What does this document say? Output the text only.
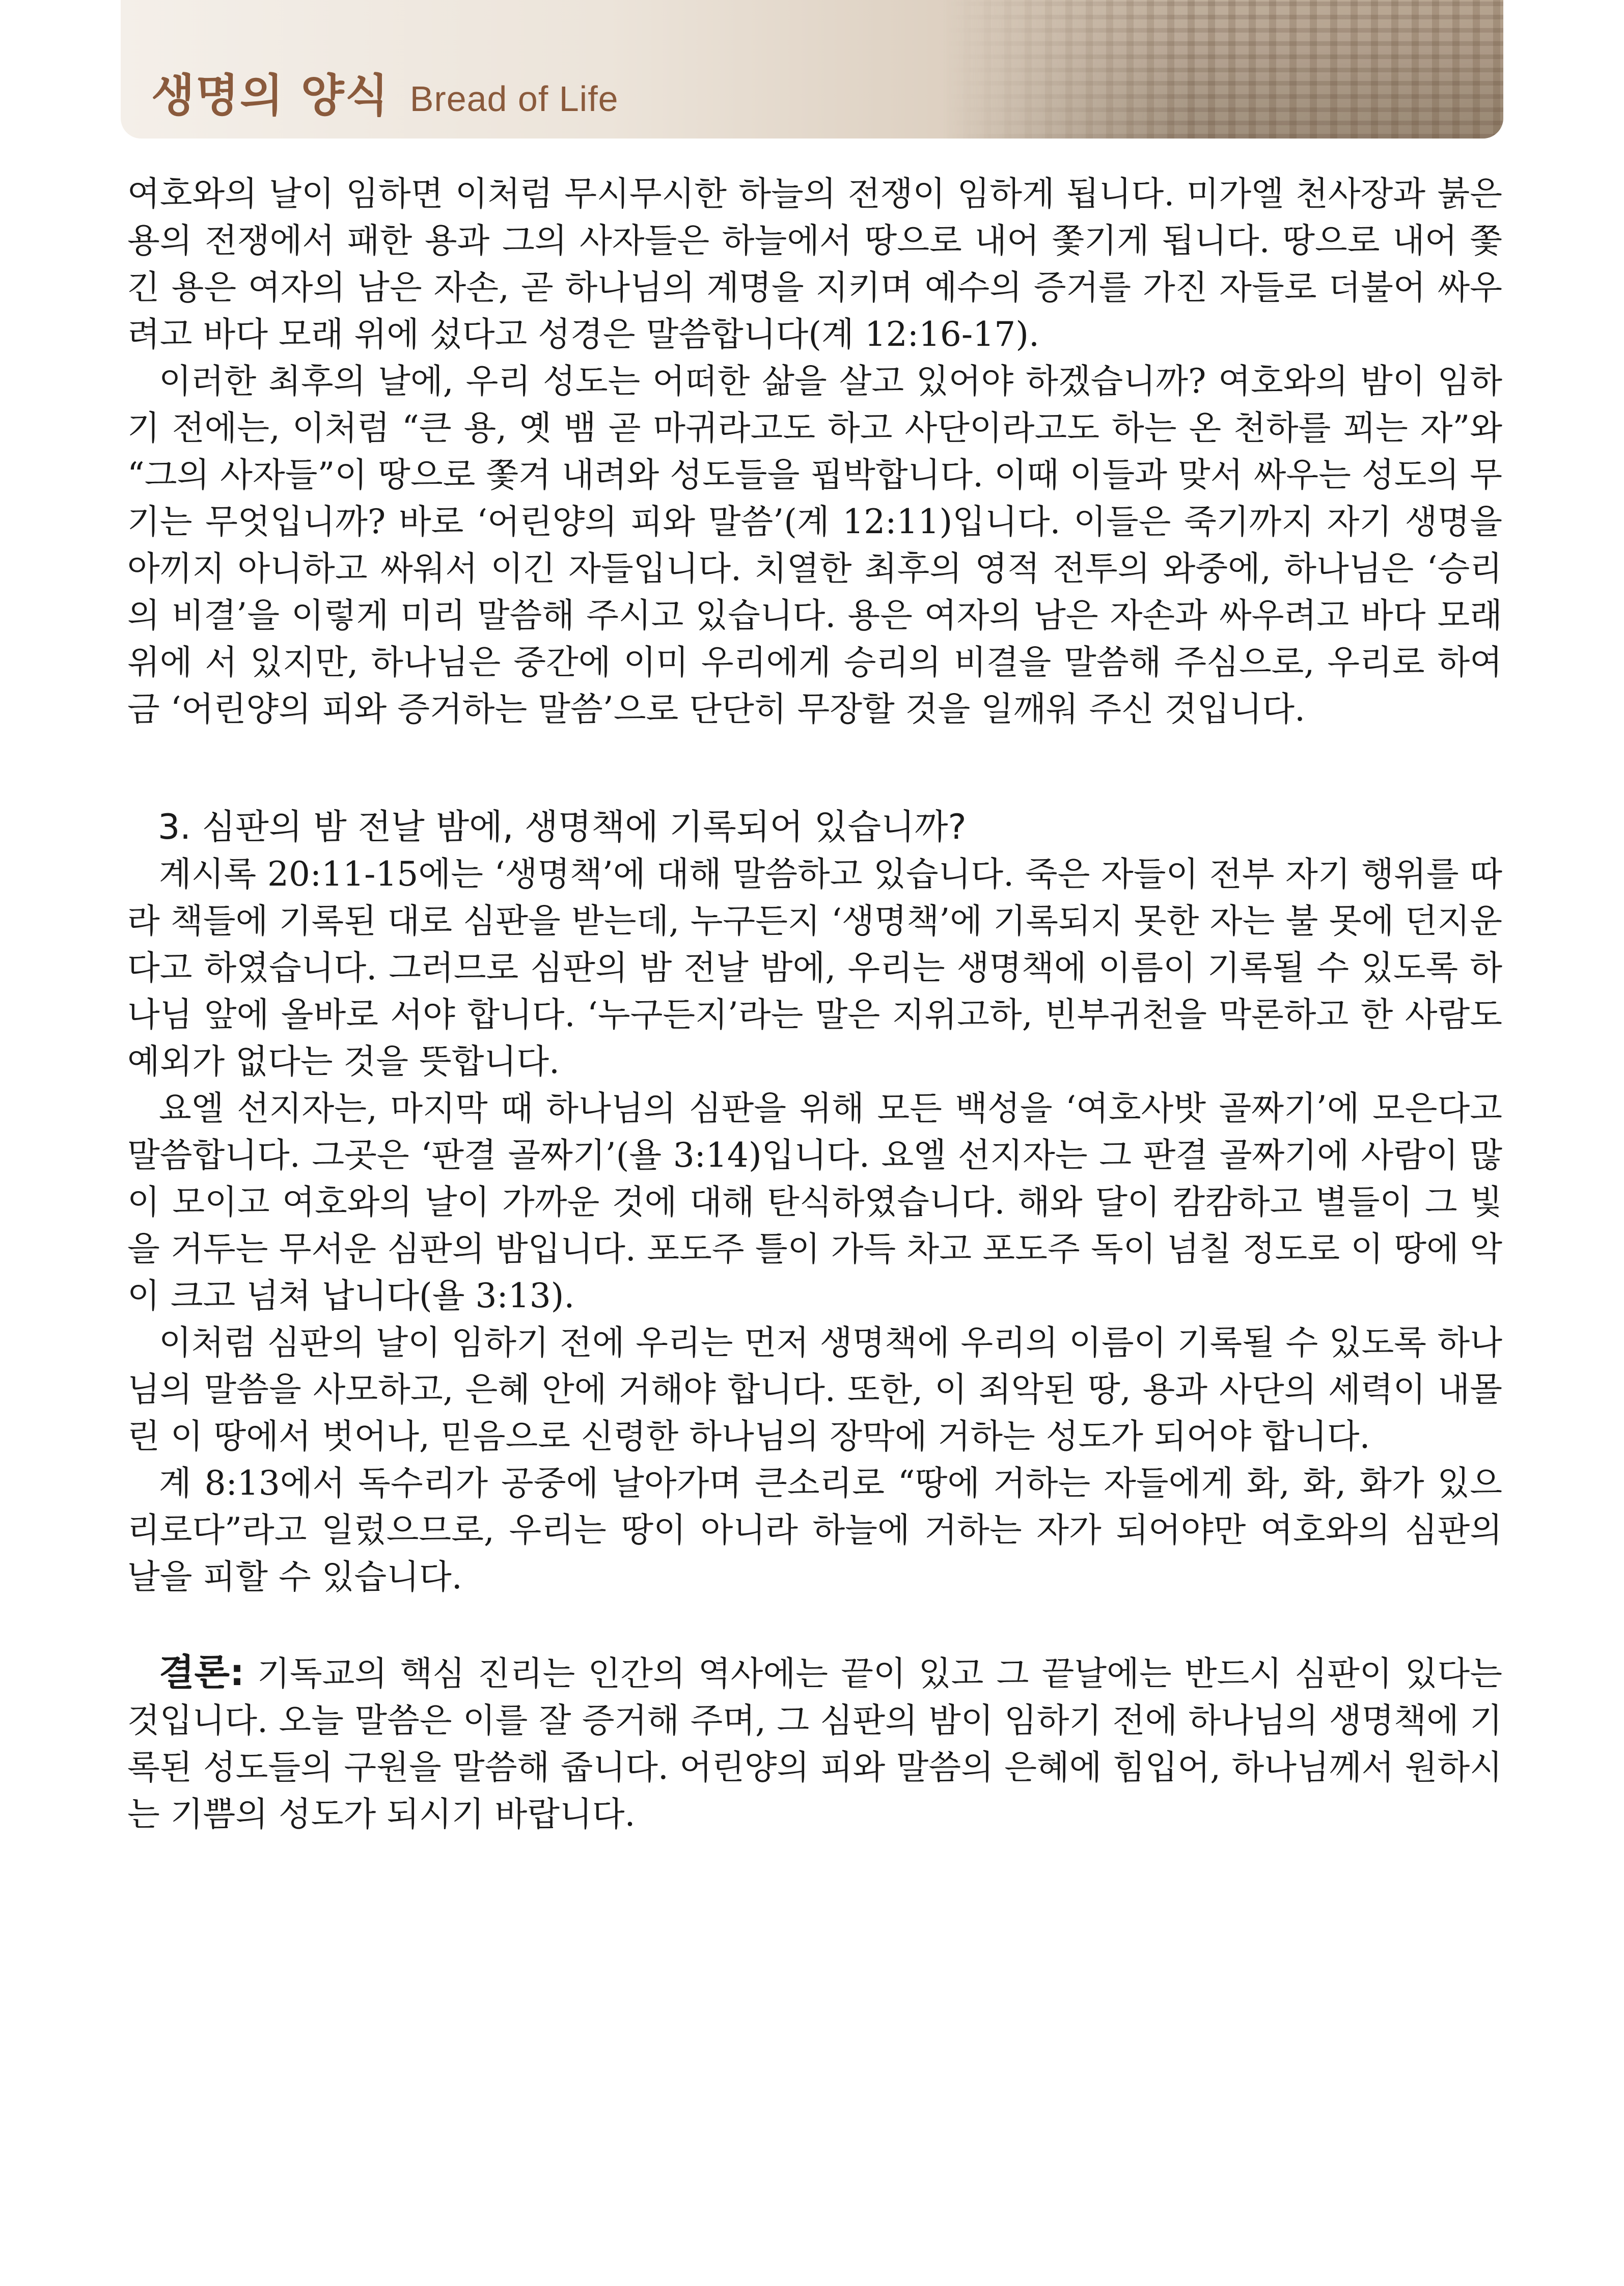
생명의 양식 Bread of Life

여호와의 날이 임하면 이처럼 무시무시한 하늘의 전쟁이 임하게 됩니다. 미가엘 천사장과 붉은 용의 전쟁에서 패한 용과 그의 사자들은 하늘에서 땅으로 내어 쫓기게 됩니다. 땅으로 내어 쫓긴 용은 여자의 남은 자손, 곧 하나님의 계명을 지키며 예수의 증거를 가진 자들로 더불어 싸우려고 바다 모래 위에 섰다고 성경은 말씀합니다(계 12:16-17).

이러한 최후의 날에, 우리 성도는 어떠한 삶을 살고 있어야 하겠습니까? 여호와의 밤이 임하기 전에는, 이처럼 “큰 용, 옛 뱀 곧 마귀라고도 하고 사단이라고도 하는 온 천하를 꾀는 자”와 “그의 사자들”이 땅으로 쫓겨 내려와 성도들을 핍박합니다. 이때 이들과 맞서 싸우는 성도의 무기는 무엇입니까? 바로 ‘어린양의 피와 말씀’(계 12:11)입니다. 이들은 죽기까지 자기 생명을 아끼지 아니하고 싸워서 이긴 자들입니다. 치열한 최후의 영적 전투의 와중에, 하나님은 ‘승리의 비결’을 이렇게 미리 말씀해 주시고 있습니다. 용은 여자의 남은 자손과 싸우려고 바다 모래 위에 서 있지만, 하나님은 중간에 이미 우리에게 승리의 비결을 말씀해 주심으로, 우리로 하여금 ‘어린양의 피와 증거하는 말씀’으로 단단히 무장할 것을 일깨워 주신 것입니다.

3. 심판의 밤 전날 밤에, 생명책에 기록되어 있습니까?

계시록 20:11-15에는 ‘생명책’에 대해 말씀하고 있습니다. 죽은 자들이 전부 자기 행위를 따라 책들에 기록된 대로 심판을 받는데, 누구든지 ‘생명책’에 기록되지 못한 자는 불 못에 던지운다고 하였습니다. 그러므로 심판의 밤 전날 밤에, 우리는 생명책에 이름이 기록될 수 있도록 하나님 앞에 올바로 서야 합니다. ‘누구든지’라는 말은 지위고하, 빈부귀천을 막론하고 한 사람도 예외가 없다는 것을 뜻합니다.

요엘 선지자는, 마지막 때 하나님의 심판을 위해 모든 백성을 ‘여호사밧 골짜기’에 모은다고 말씀합니다. 그곳은 ‘판결 골짜기’(욜 3:14)입니다. 요엘 선지자는 그 판결 골짜기에 사람이 많이 모이고 여호와의 날이 가까운 것에 대해 탄식하였습니다. 해와 달이 캄캄하고 별들이 그 빛을 거두는 무서운 심판의 밤입니다. 포도주 틀이 가득 차고 포도주 독이 넘칠 정도로 이 땅에 악이 크고 넘쳐 납니다(욜 3:13).

이처럼 심판의 날이 임하기 전에 우리는 먼저 생명책에 우리의 이름이 기록될 수 있도록 하나님의 말씀을 사모하고, 은혜 안에 거해야 합니다. 또한, 이 죄악된 땅, 용과 사단의 세력이 내몰린 이 땅에서 벗어나, 믿음으로 신령한 하나님의 장막에 거하는 성도가 되어야 합니다.

계 8:13에서 독수리가 공중에 날아가며 큰소리로 “땅에 거하는 자들에게 화, 화, 화가 있으리로다”라고 일렀으므로, 우리는 땅이 아니라 하늘에 거하는 자가 되어야만 여호와의 심판의 날을 피할 수 있습니다.

결론: 기독교의 핵심 진리는 인간의 역사에는 끝이 있고 그 끝날에는 반드시 심판이 있다는 것입니다. 오늘 말씀은 이를 잘 증거해 주며, 그 심판의 밤이 임하기 전에 하나님의 생명책에 기록된 성도들의 구원을 말씀해 줍니다. 어린양의 피와 말씀의 은혜에 힘입어, 하나님께서 원하시는 기쁨의 성도가 되시기 바랍니다.
